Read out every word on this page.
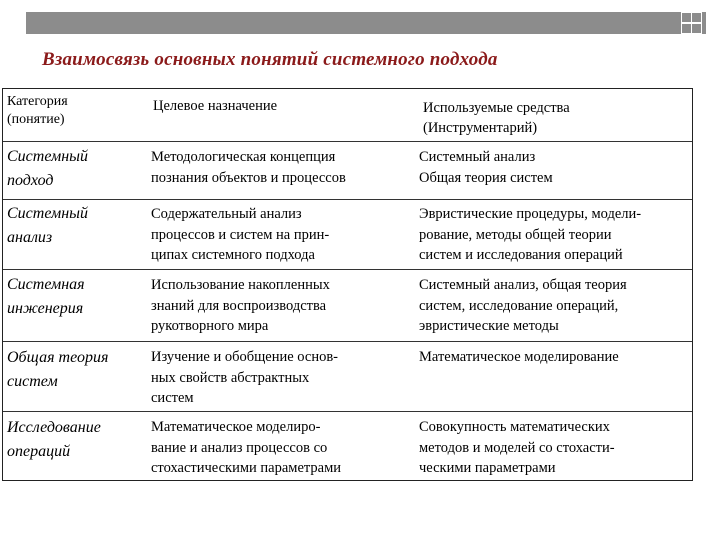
Взаимосвязь основных понятий системного подхода
Категория
(понятие)
Целевое назначение	Используемые средства
(Инструментарий)
Системный
подход
Методологическая концепция
познания объектов и процессов
Системный анализ
Общая теория систем
Системный
анализ
Содержательный анализ
процессов и систем на прин-
ципах системного подхода
Эвристические процедуры, модели-
рование, методы общей теории
систем и исследования операций
Системная
инженерия
Использование накопленных
знаний для воспроизводства
рукотворного мира
Системный анализ, общая теория
систем, исследование операций,
эвристические методы
Общая теория
систем
Изучение и обобщение основ-
ных свойств абстрактных
систем
Математическое моделирование
Исследование
операций
Математическое моделиро-
вание и анализ процессов со
стохастическими параметрами
Совокупность математических
методов и моделей со стохасти-
ческими параметрами
